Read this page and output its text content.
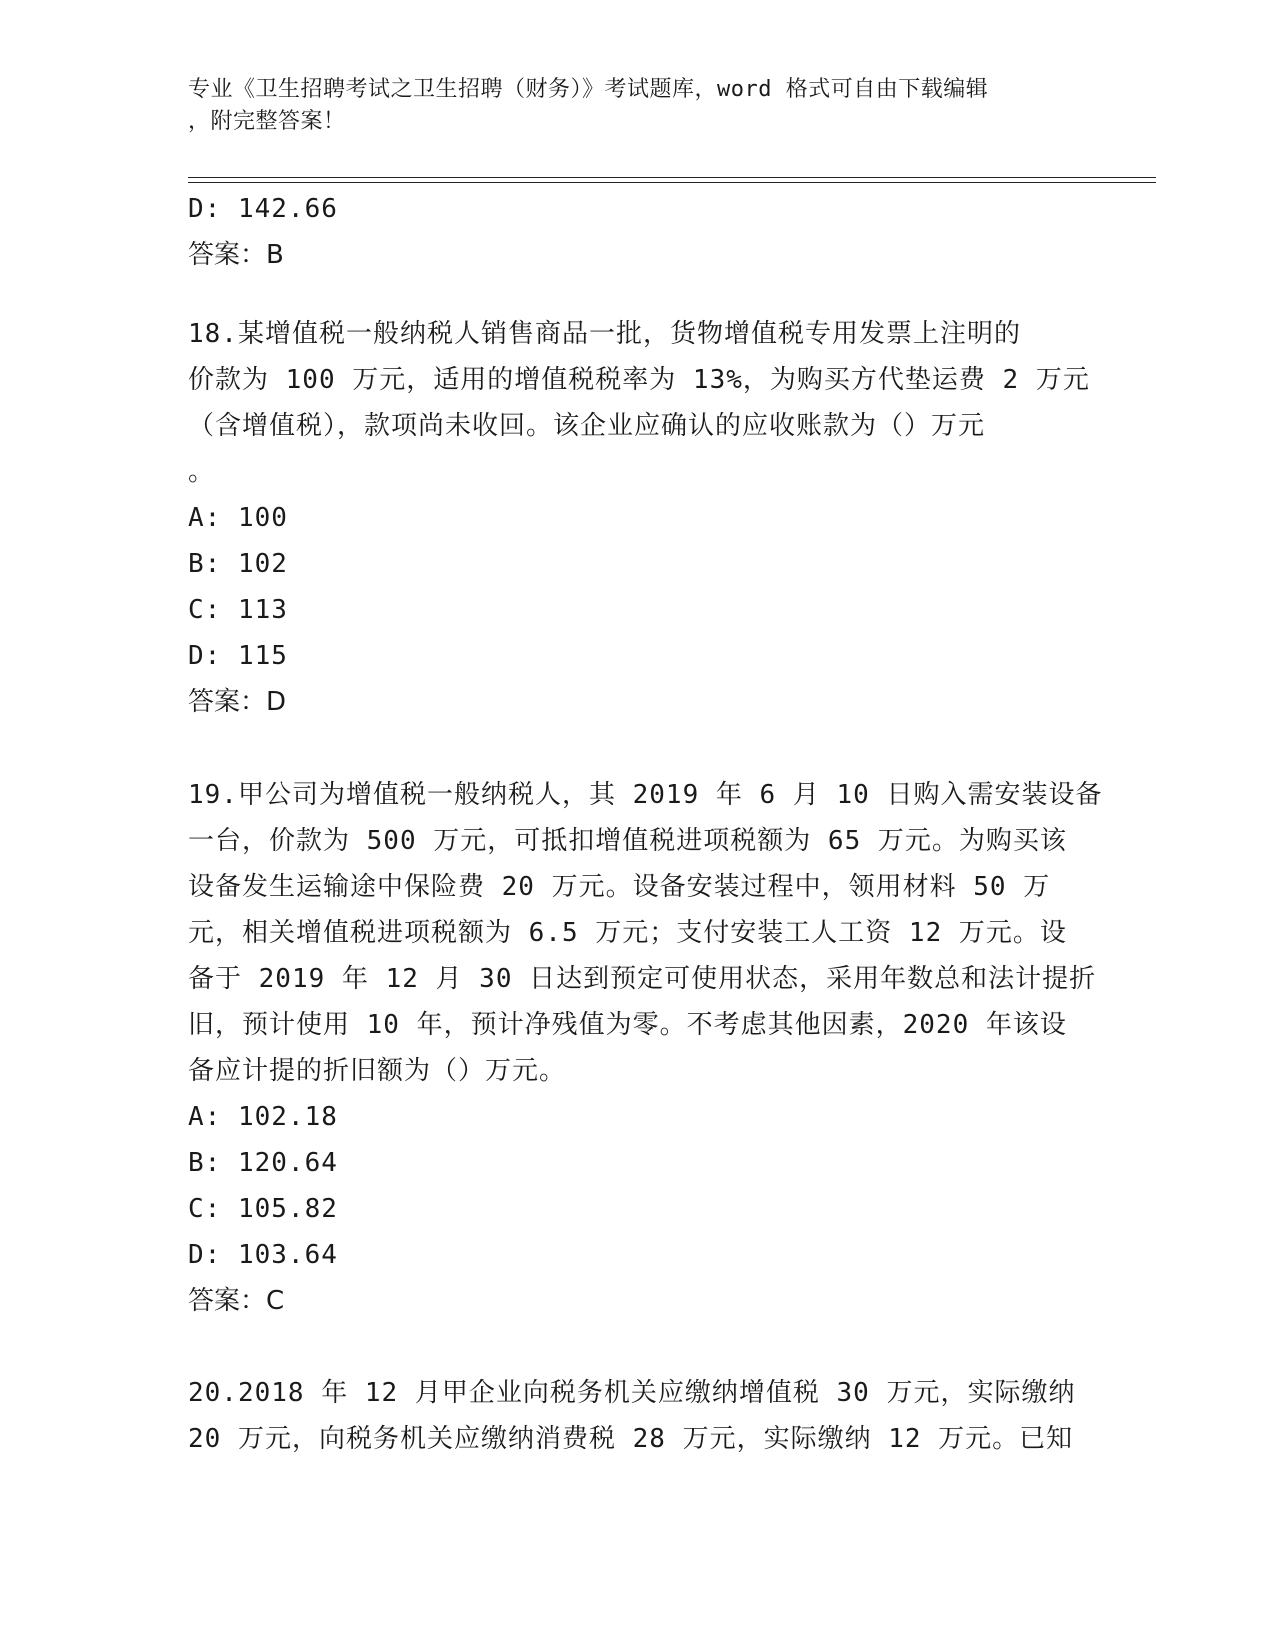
专业《卫生招聘考试之卫生招聘（财务）》考试题库，word 格式可自由下载编辑
，附完整答案！
D: 142.66
答案：B
18.某增值税一般纳税人销售商品一批，货物增值税专用发票上注明的
价款为 100 万元，适用的增值税税率为 13%，为购买方代垫运费 2 万元
（含增值税），款项尚未收回。该企业应确认的应收账款为（）万元
。
A: 100
B: 102
C: 113
D: 115
答案：D
19.甲公司为增值税一般纳税人，其 2019 年 6 月 10 日购入需安装设备
一台，价款为 500 万元，可抵扣增值税进项税额为 65 万元。为购买该
设备发生运输途中保险费 20 万元。设备安装过程中，领用材料 50 万
元，相关增值税进项税额为 6.5 万元；支付安装工人工资 12 万元。设
备于 2019 年 12 月 30 日达到预定可使用状态，采用年数总和法计提折
旧，预计使用 10 年，预计净残值为零。不考虑其他因素，2020 年该设
备应计提的折旧额为（）万元。
A: 102.18
B: 120.64
C: 105.82
D: 103.64
答案：C
20.2018 年 12 月甲企业向税务机关应缴纳增值税 30 万元，实际缴纳
20 万元，向税务机关应缴纳消费税 28 万元，实际缴纳 12 万元。已知
